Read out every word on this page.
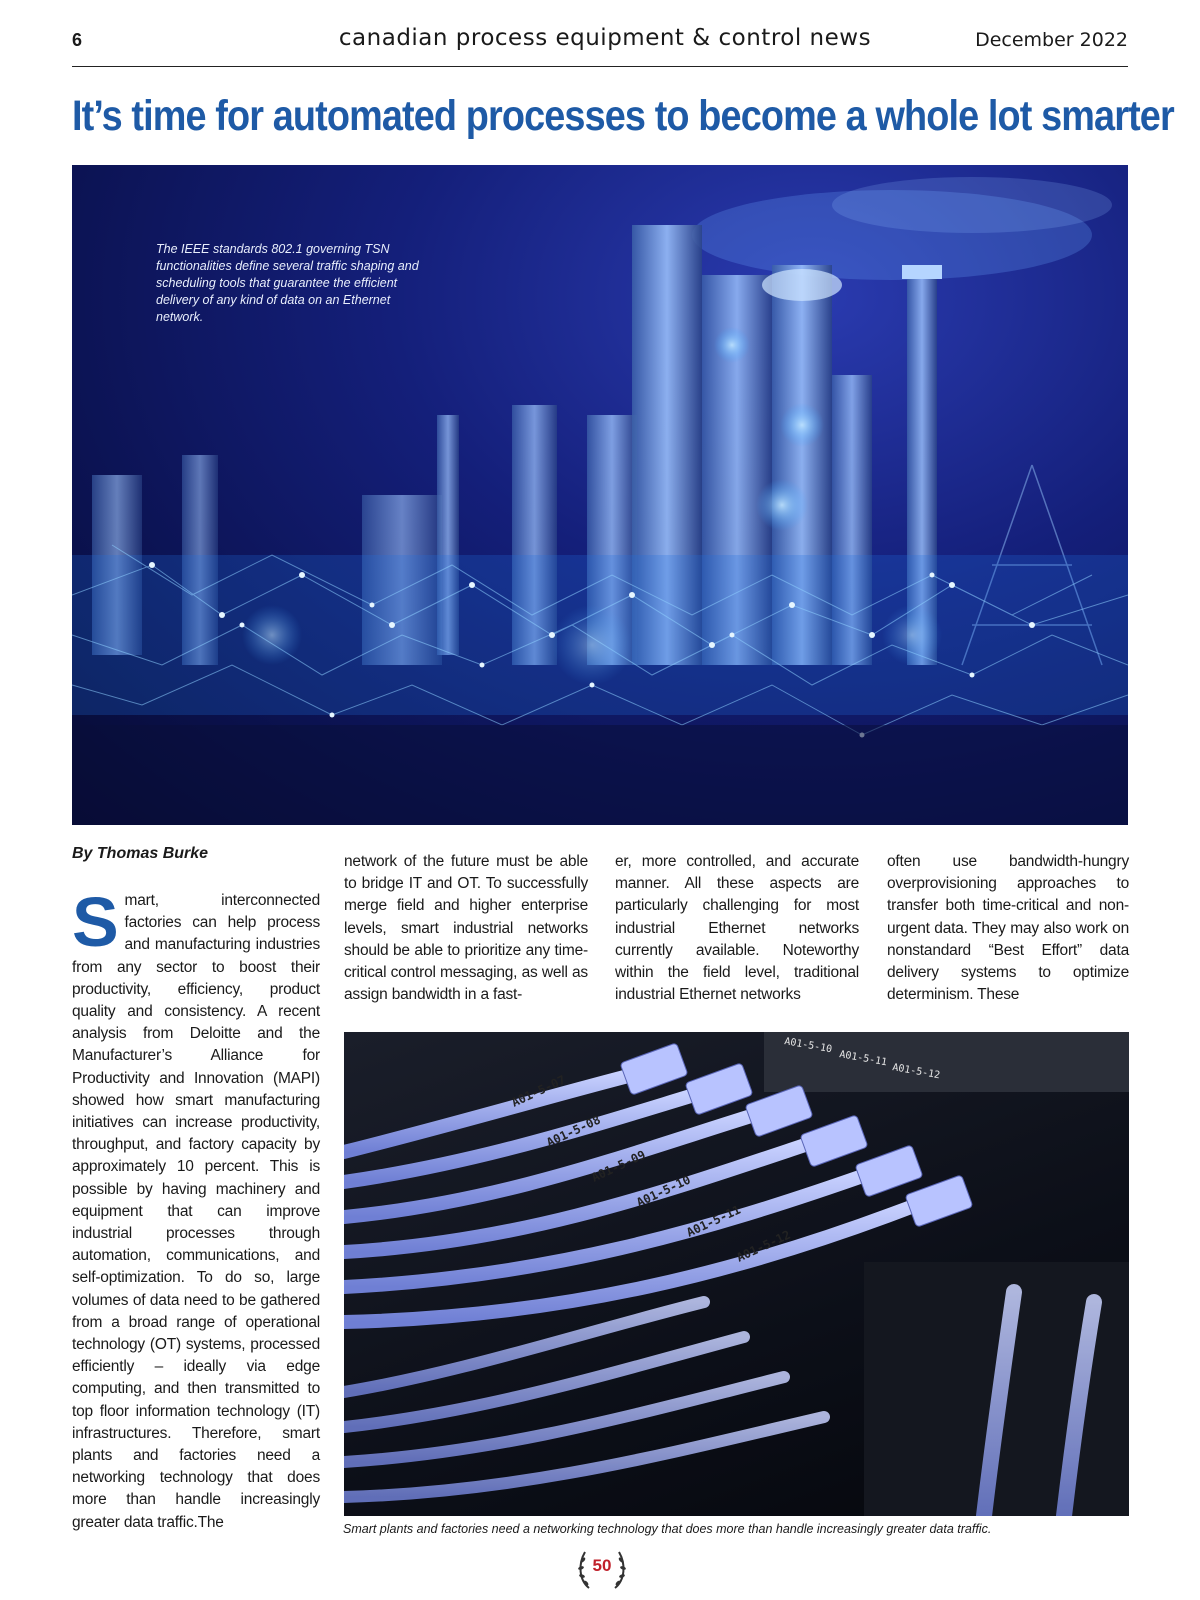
6	canadian process equipment & control news	December 2022
It’s time for automated processes to become a whole lot smarter
The IEEE standards 802.1 governing TSN functionalities define several traffic shaping and scheduling tools that guarantee the efficient delivery of any kind of data on an Ethernet network.
By Thomas Burke
Smart, interconnected factories can help process and manufacturing industries from any sector to boost their productivity, efficiency, product quality and consistency. A recent analysis from Deloitte and the Manufacturer’s Alliance for Productivity and Innovation (MAPI) showed how smart manufacturing initiatives can increase productivity, throughput, and factory capacity by approximately 10 percent. This is possible by having machinery and equipment that can improve industrial processes through automation, communications, and self-optimization. To do so, large volumes of data need to be gathered from a broad range of operational technology (OT) systems, processed efficiently – ideally via edge computing, and then transmitted to top floor information technology (IT) infrastructures. Therefore, smart plants and factories need a networking technology that does more than handle increasingly greater data traffic.The
network of the future must be able to bridge IT and OT. To successfully merge field and higher enterprise levels, smart industrial networks should be able to prioritize any time-critical control messaging, as well as assign bandwidth in a fast-
er, more controlled, and accurate manner. All these aspects are particularly challenging for most industrial Ethernet networks currently available. Noteworthy within the field level, traditional industrial Ethernet networks
often use bandwidth-hungry overprovisioning approaches to transfer both time-critical and non-urgent data. They may also work on nonstandard “Best Effort” data delivery systems to optimize determinism. These
A01-5-07
A01-5-08
A01-5-09
A01-5-10
A01-5-11
A01-5-12
A01-5-10
A01-5-11
A01-5-12
Smart plants and factories need a networking technology that does more than handle increasingly greater data traffic.
50
